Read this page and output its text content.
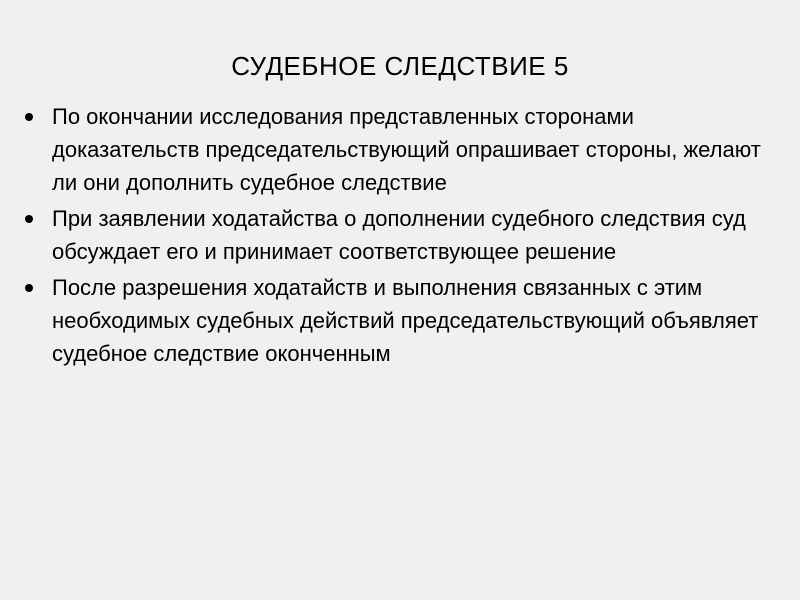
СУДЕБНОЕ СЛЕДСТВИЕ 5
По окончании исследования представленных сторонами доказательств председательствующий опрашивает стороны, желают ли они дополнить судебное следствие
При заявлении ходатайства о дополнении судебного следствия суд обсуждает его и принимает соответствующее решение
После разрешения ходатайств и выполнения связанных с этим необходимых судебных действий председательствующий объявляет судебное следствие оконченным
